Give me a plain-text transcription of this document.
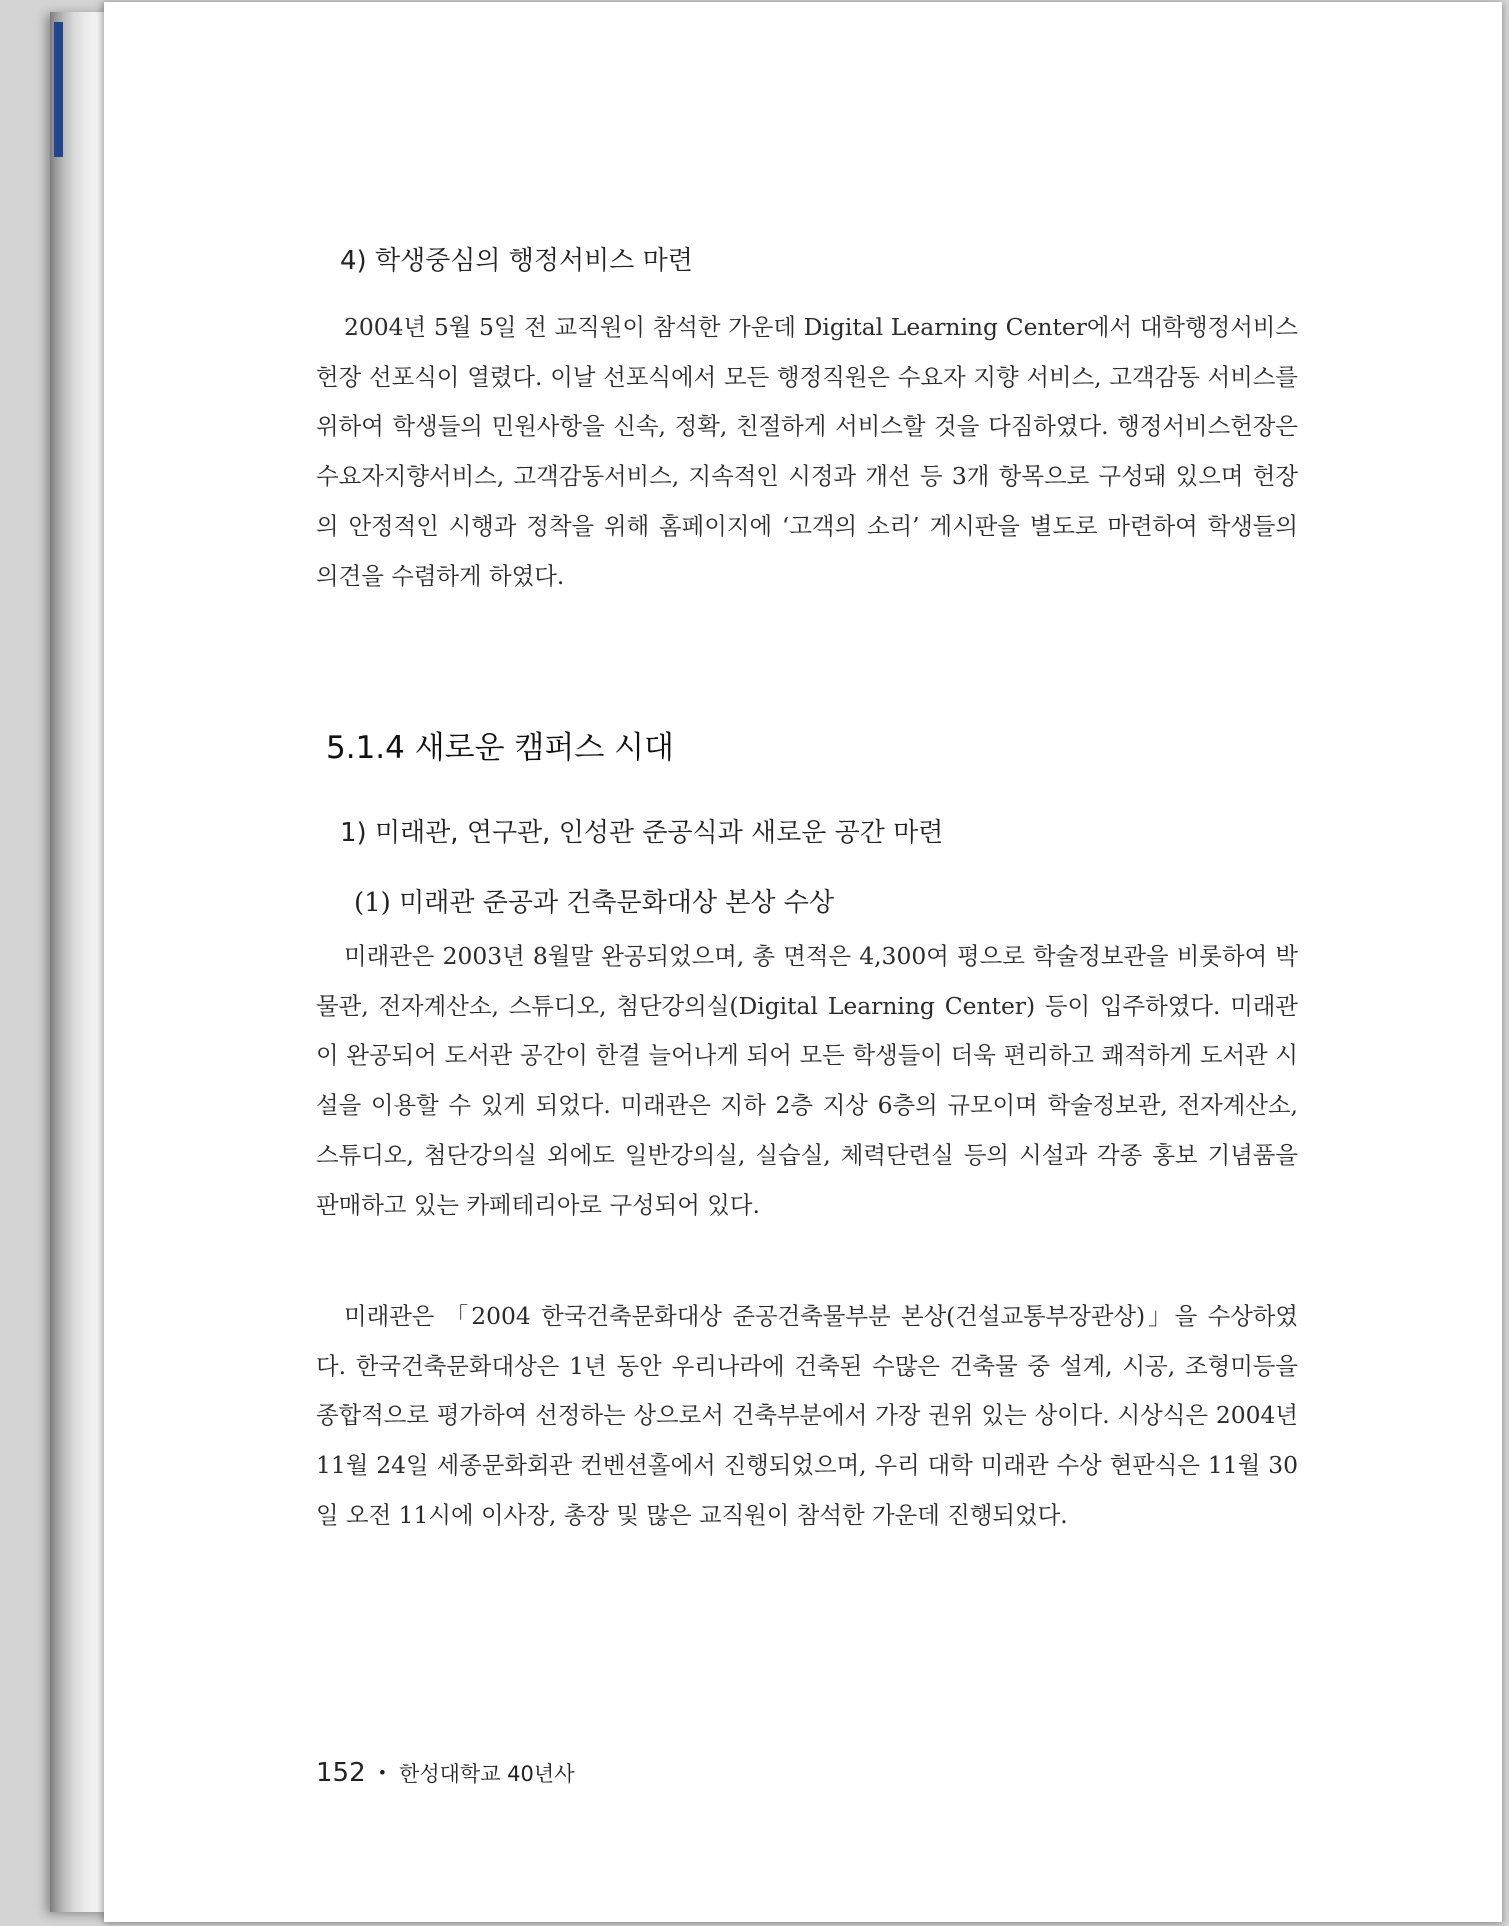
4) 학생중심의 행정서비스 마련

2004년 5월 5일 전 교직원이 참석한 가운데 Digital Learning Center에서 대학행정서비스헌장 선포식이 열렸다. 이날 선포식에서 모든 행정직원은 수요자 지향 서비스, 고객감동 서비스를 위하여 학생들의 민원사항을 신속, 정확, 친절하게 서비스할 것을 다짐하였다. 행정서비스헌장은 수요자지향서비스, 고객감동서비스, 지속적인 시정과 개선 등 3개 항목으로 구성돼 있으며 헌장의 안정적인 시행과 정착을 위해 홈페이지에 ‘고객의 소리’ 게시판을 별도로 마련하여 학생들의 의견을 수렴하게 하였다.

5.1.4 새로운 캠퍼스 시대
1) 미래관, 연구관, 인성관 준공식과 새로운 공간 마련
(1) 미래관 준공과 건축문화대상 본상 수상

미래관은 2003년 8월말 완공되었으며, 총 면적은 4,300여 평으로 학술정보관을 비롯하여 박물관, 전자계산소, 스튜디오, 첨단강의실(Digital Learning Center) 등이 입주하였다. 미래관이 완공되어 도서관 공간이 한결 늘어나게 되어 모든 학생들이 더욱 편리하고 쾌적하게 도서관 시설을 이용할 수 있게 되었다. 미래관은 지하 2층 지상 6층의 규모이며 학술정보관, 전자계산소, 스튜디오, 첨단강의실 외에도 일반강의실, 실습실, 체력단련실 등의 시설과 각종 홍보 기념품을 판매하고 있는 카페테리아로 구성되어 있다.

미래관은 「2004 한국건축문화대상 준공건축물부분 본상(건설교통부장관상)」을 수상하였다. 한국건축문화대상은 1년 동안 우리나라에 건축된 수많은 건축물 중 설계, 시공, 조형미등을 종합적으로 평가하여 선정하는 상으로서 건축부분에서 가장 권위 있는 상이다. 시상식은 2004년 11월 24일 세종문화회관 컨벤션홀에서 진행되었으며, 우리 대학 미래관 수상 현판식은 11월 30일 오전 11시에 이사장, 총장 및 많은 교직원이 참석한 가운데 진행되었다.

152 • 한성대학교 40년사
